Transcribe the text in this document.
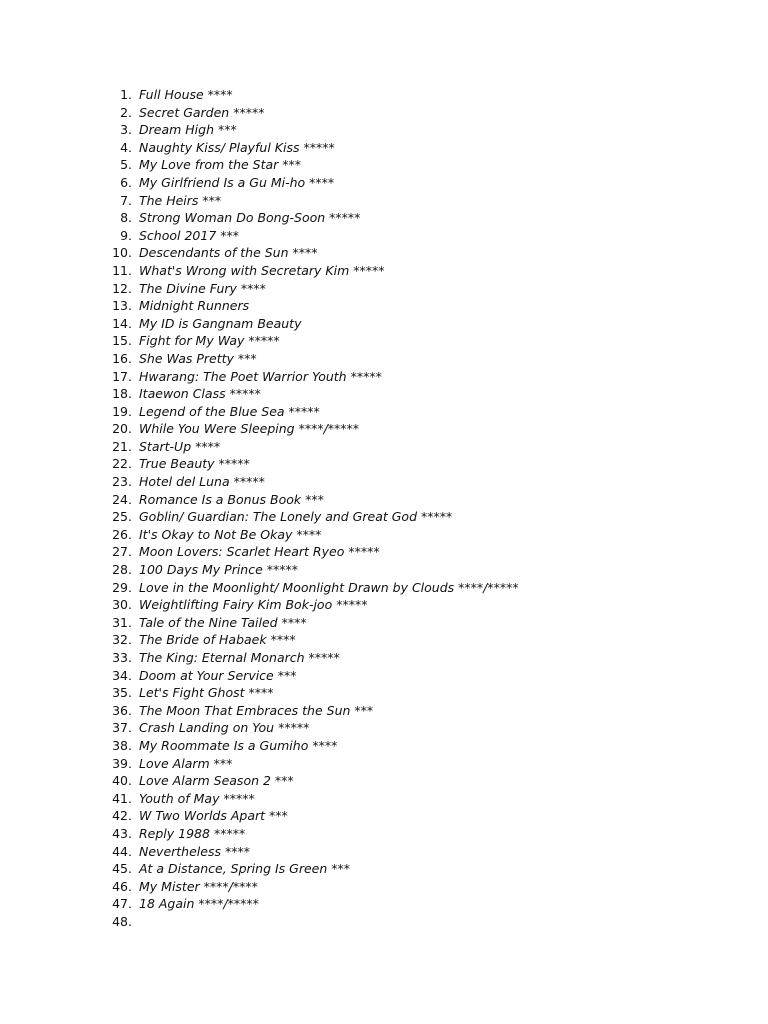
1. Full House ****
2. Secret Garden *****
3. Dream High ***
4. Naughty Kiss/ Playful Kiss *****
5. My Love from the Star ***
6. My Girlfriend Is a Gu Mi-ho ****
7. The Heirs ***
8. Strong Woman Do Bong-Soon *****
9. School 2017 ***
10. Descendants of the Sun ****
11. What's Wrong with Secretary Kim *****
12. The Divine Fury ****
13. Midnight Runners
14. My ID is Gangnam Beauty
15. Fight for My Way *****
16. She Was Pretty ***
17. Hwarang: The Poet Warrior Youth *****
18. Itaewon Class *****
19. Legend of the Blue Sea *****
20. While You Were Sleeping ****/*****
21. Start-Up ****
22. True Beauty *****
23. Hotel del Luna *****
24. Romance Is a Bonus Book ***
25. Goblin/ Guardian: The Lonely and Great God *****
26. It's Okay to Not Be Okay ****
27. Moon Lovers: Scarlet Heart Ryeo *****
28. 100 Days My Prince *****
29. Love in the Moonlight/ Moonlight Drawn by Clouds ****/*****
30. Weightlifting Fairy Kim Bok-joo *****
31. Tale of the Nine Tailed ****
32. The Bride of Habaek ****
33. The King: Eternal Monarch *****
34. Doom at Your Service ***
35. Let's Fight Ghost ****
36. The Moon That Embraces the Sun ***
37. Crash Landing on You *****
38. My Roommate Is a Gumiho ****
39. Love Alarm ***
40. Love Alarm Season 2 ***
41. Youth of May *****
42. W Two Worlds Apart ***
43. Reply 1988 *****
44. Nevertheless ****
45. At a Distance, Spring Is Green ***
46. My Mister ****/****
47. 18 Again ****/*****
48.
